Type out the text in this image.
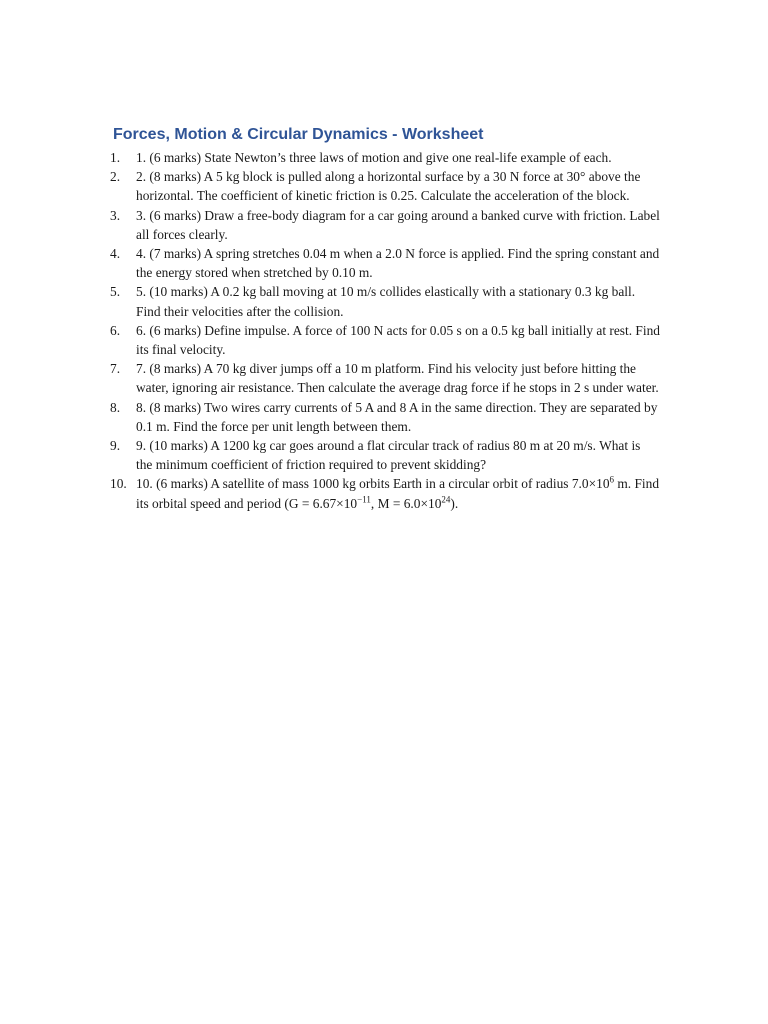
Forces, Motion & Circular Dynamics - Worksheet
1.	1. (6 marks) State Newton’s three laws of motion and give one real-life example of each.
2.	2. (8 marks) A 5 kg block is pulled along a horizontal surface by a 30 N force at 30° above the horizontal. The coefficient of kinetic friction is 0.25. Calculate the acceleration of the block.
3.	3. (6 marks) Draw a free-body diagram for a car going around a banked curve with friction. Label all forces clearly.
4.	4. (7 marks) A spring stretches 0.04 m when a 2.0 N force is applied. Find the spring constant and the energy stored when stretched by 0.10 m.
5.	5. (10 marks) A 0.2 kg ball moving at 10 m/s collides elastically with a stationary 0.3 kg ball. Find their velocities after the collision.
6.	6. (6 marks) Define impulse. A force of 100 N acts for 0.05 s on a 0.5 kg ball initially at rest. Find its final velocity.
7.	7. (8 marks) A 70 kg diver jumps off a 10 m platform. Find his velocity just before hitting the water, ignoring air resistance. Then calculate the average drag force if he stops in 2 s under water.
8.	8. (8 marks) Two wires carry currents of 5 A and 8 A in the same direction. They are separated by 0.1 m. Find the force per unit length between them.
9.	9. (10 marks) A 1200 kg car goes around a flat circular track of radius 80 m at 20 m/s. What is the minimum coefficient of friction required to prevent skidding?
10. 10. (6 marks) A satellite of mass 1000 kg orbits Earth in a circular orbit of radius $7.0\times 10^6$ m. Find its orbital speed and period ($G = 6.67\times 10^{-11}$, $M = 6.0\times 10^{24}$).
